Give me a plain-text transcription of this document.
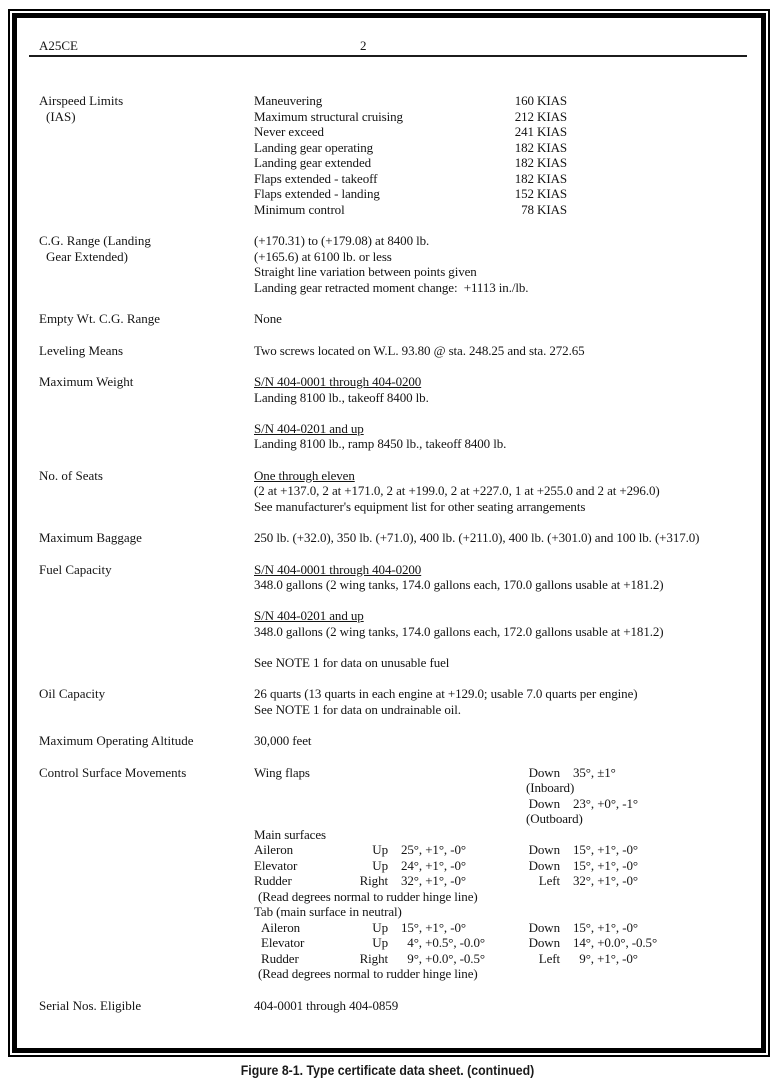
A25CE	2
Airspeed Limits
(IAS)
Maneuvering	160 KIAS
Maximum structural cruising	212 KIAS
Never exceed	241 KIAS
Landing gear operating	182 KIAS
Landing gear extended	182 KIAS
Flaps extended - takeoff	182 KIAS
Flaps extended - landing	152 KIAS
Minimum control	78 KIAS
C.G. Range (Landing
Gear Extended)
(+170.31) to (+179.08) at 8400 lb.
(+165.6) at 6100 lb. or less
Straight line variation between points given
Landing gear retracted moment change:  +1113 in./lb.
Empty Wt. C.G. Range	None
Leveling Means	Two screws located on W.L. 93.80 @ sta. 248.25 and sta. 272.65
Maximum Weight	S/N 404-0001 through 404-0200
Landing 8100 lb., takeoff 8400 lb.

S/N 404-0201 and up
Landing 8100 lb., ramp 8450 lb., takeoff 8400 lb.
No. of Seats	One through eleven
(2 at +137.0, 2 at +171.0, 2 at +199.0, 2 at +227.0, 1 at +255.0 and 2 at +296.0)
See manufacturer's equipment list for other seating arrangements
Maximum Baggage	250 lb. (+32.0), 350 lb. (+71.0), 400 lb. (+211.0), 400 lb. (+301.0) and 100 lb. (+317.0)
Fuel Capacity	S/N 404-0001 through 404-0200
348.0 gallons (2 wing tanks, 174.0 gallons each, 170.0 gallons usable at +181.2)

S/N 404-0201 and up
348.0 gallons (2 wing tanks, 174.0 gallons each, 172.0 gallons usable at +181.2)

See NOTE 1 for data on unusable fuel
Oil Capacity	26 quarts (13 quarts in each engine at +129.0; usable 7.0 quarts per engine)
See NOTE 1 for data on undrainable oil.
Maximum Operating Altitude	30,000 feet
Control Surface Movements	Wing flaps	Down	35°, ±1°
(Inboard)
Down	23°, +0°, -1°
(Outboard)
Main surfaces
Aileron	Up	25°, +1°, -0°	Down	15°, +1°, -0°
Elevator	Up	24°, +1°, -0°	Down	15°, +1°, -0°
Rudder	Right	32°, +1°, -0°	Left	32°, +1°, -0°
(Read degrees normal to rudder hinge line)
Tab (main surface in neutral)
Aileron	Up	15°, +1°, -0°	Down	15°, +1°, -0°
Elevator	Up	4°, +0.5°, -0.0°	Down	14°, +0.0°, -0.5°
Rudder	Right	9°, +0.0°, -0.5°	Left	9°, +1°, -0°
(Read degrees normal to rudder hinge line)
Serial Nos. Eligible	404-0001 through 404-0859
Figure 8-1. Type certificate data sheet. (continued)
